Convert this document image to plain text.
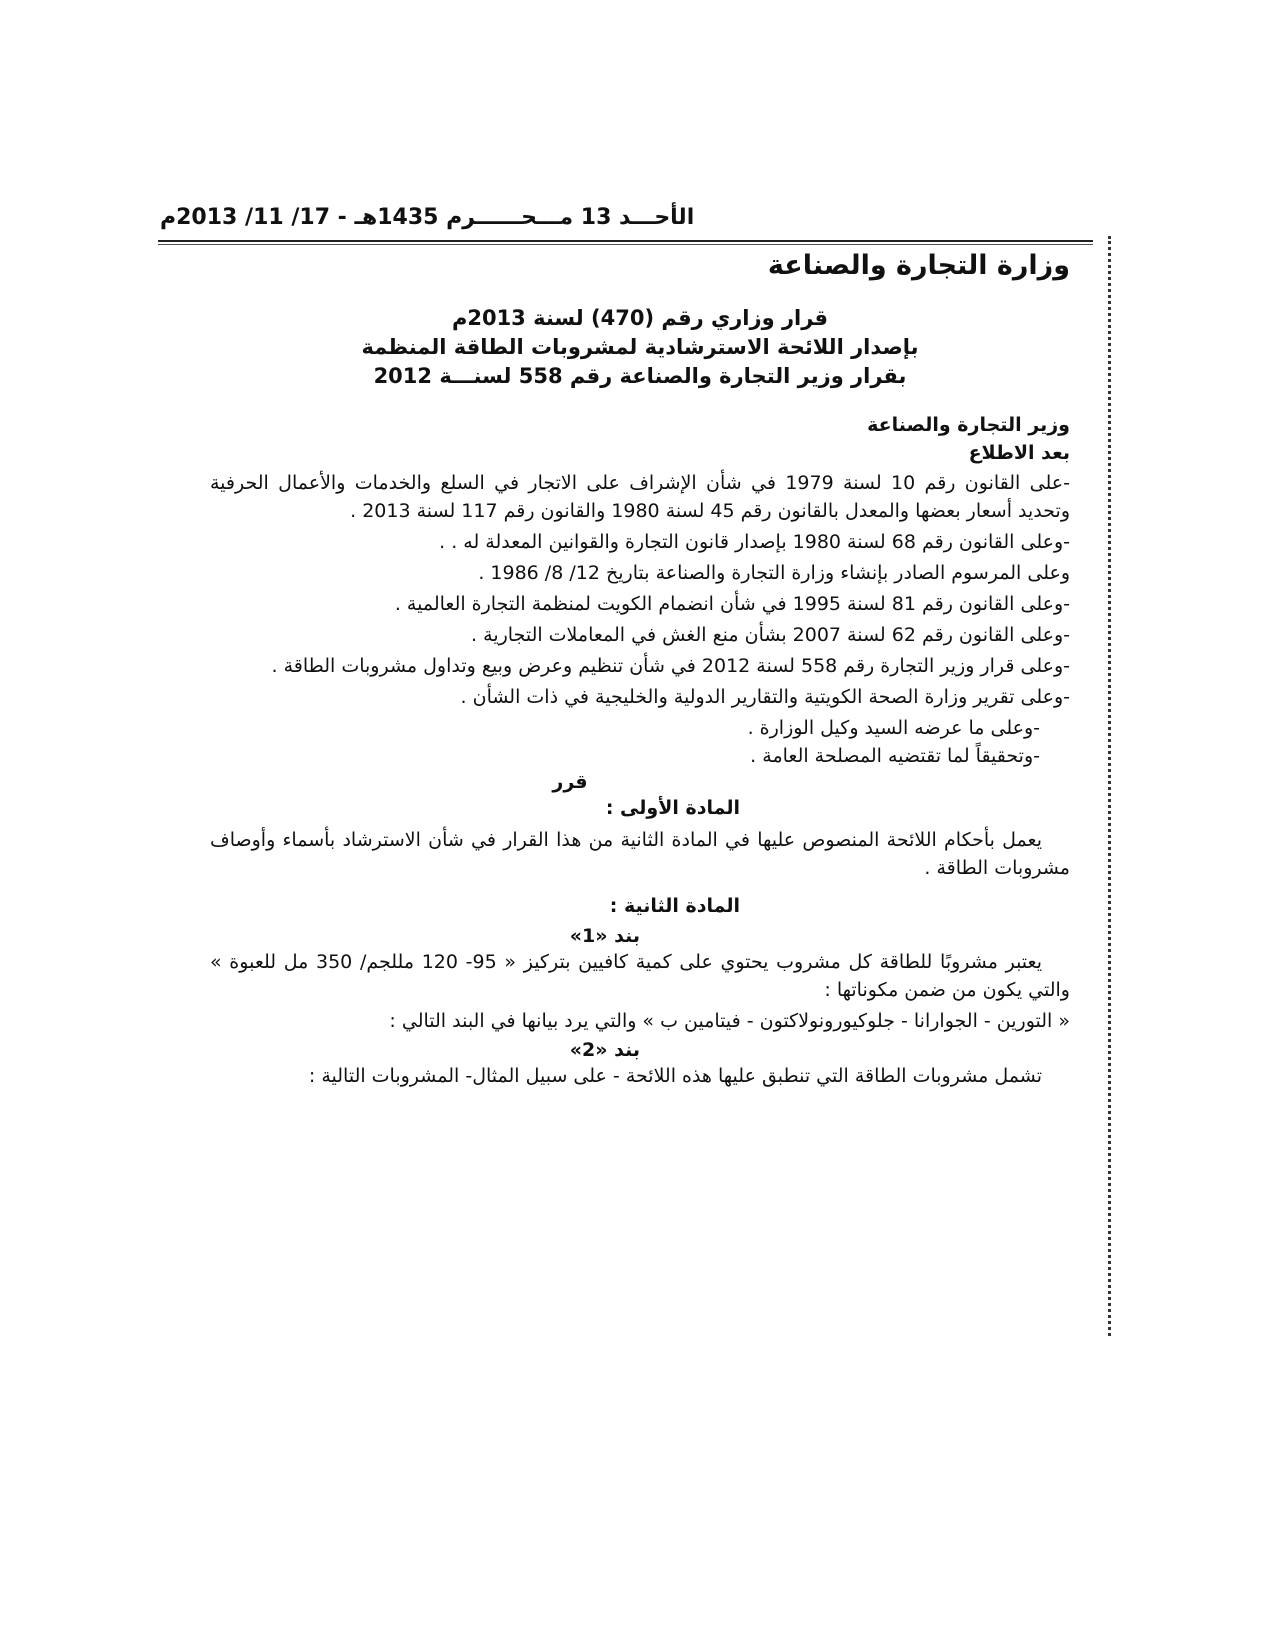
الأحـــد 13 مـــحــــــرم 1435هـ - 17/ 11/ 2013م
وزارة التجارة والصناعة
قرار وزاري رقم (470) لسنة 2013م
بإصدار اللائحة الاسترشادية لمشروبات الطاقة المنظمة
بقرار وزير التجارة والصناعة رقم 558 لسنـــة 2012
وزير التجارة والصناعة
بعد الاطلاع
-على القانون رقم 10 لسنة 1979 في شأن الإشراف على الاتجار في السلع والخدمات والأعمال الحرفية وتحديد أسعار بعضها والمعدل بالقانون رقم 45 لسنة 1980 والقانون رقم 117 لسنة 2013 .
-وعلى القانون رقم 68 لسنة 1980 بإصدار قانون التجارة والقوانين المعدلة له . .
وعلى المرسوم الصادر بإنشاء وزارة التجارة والصناعة بتاريخ 12/ 8/ 1986 .
-وعلى القانون رقم 81 لسنة 1995 في شأن انضمام الكويت لمنظمة التجارة العالمية .
-وعلى القانون رقم 62 لسنة 2007 بشأن منع الغش في المعاملات التجارية .
-وعلى قرار وزير التجارة رقم 558 لسنة 2012 في شأن تنظيم وعرض وبيع وتداول مشروبات الطاقة .
-وعلى تقرير وزارة الصحة الكويتية والتقارير الدولية والخليجية في ذات الشأن .
-وعلى ما عرضه السيد وكيل الوزارة .
-وتحقيقاً لما تقتضيه المصلحة العامة .
قرر
المادة الأولى :
يعمل بأحكام اللائحة المنصوص عليها في المادة الثانية من هذا القرار في شأن الاسترشاد بأسماء وأوصاف مشروبات الطاقة .
المادة الثانية :
بند «1»
يعتبر مشروبًا للطاقة كل مشروب يحتوي على كمية كافيين بتركيز « 95- 120 مللجم/ 350 مل للعبوة » والتي يكون من ضمن مكوناتها :
« التورين - الجوارانا - جلوكيورونولاكتون - فيتامين ب » والتي يرد بيانها في البند التالي :
بند «2»
تشمل مشروبات الطاقة التي تنطبق عليها هذه اللائحة - على سبيل المثال- المشروبات التالية :
